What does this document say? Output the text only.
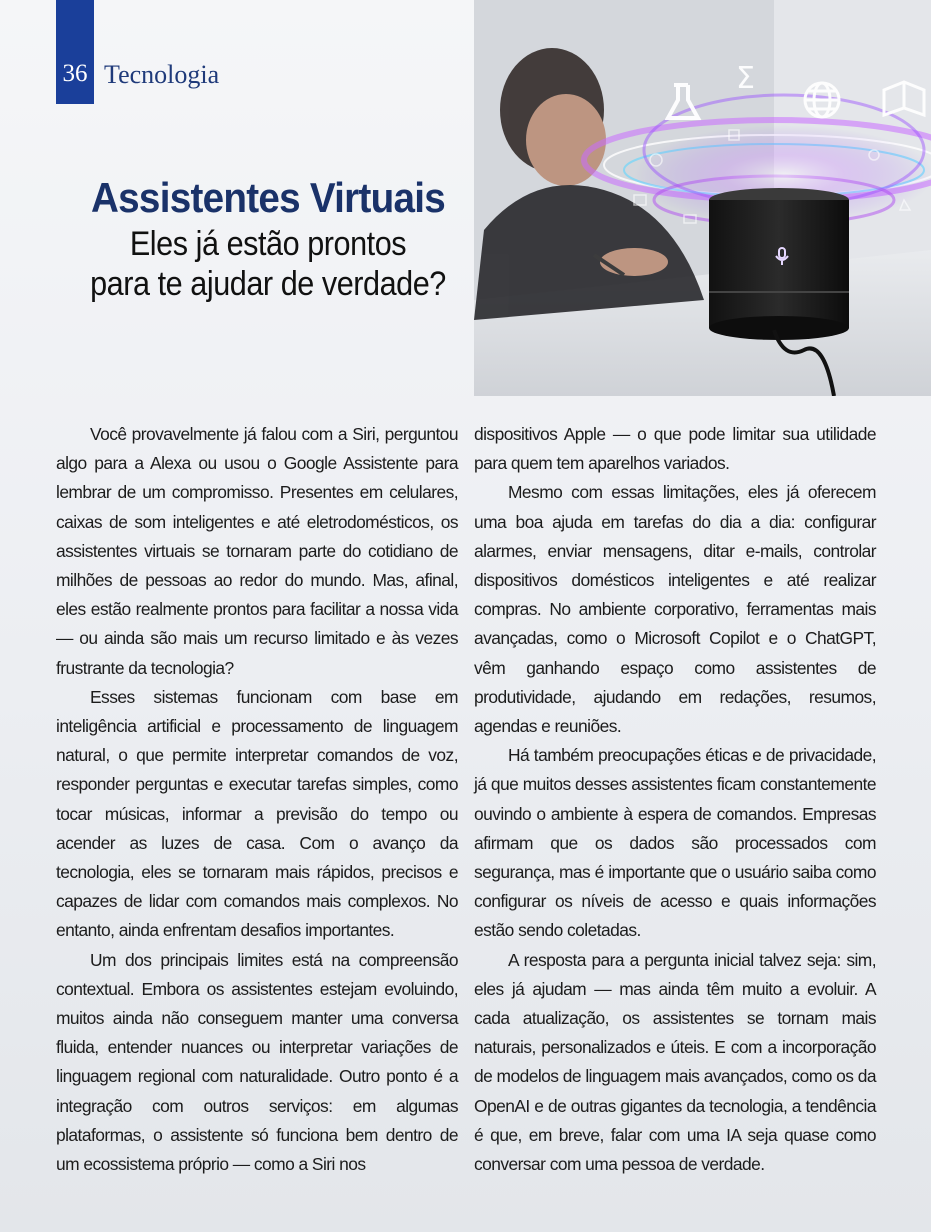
36 Tecnologia
Assistentes Virtuais
Eles já estão prontos
para te ajudar de verdade?
Σ

Você provavelmente já falou com a Siri, perguntou algo para a Alexa ou usou o Google Assistente para lembrar de um compromisso. Presentes em celulares, caixas de som inteligentes e até eletrodomésticos, os assistentes virtuais se tornaram parte do cotidiano de milhões de pessoas ao redor do mundo. Mas, afinal, eles estão realmente prontos para facilitar a nossa vida — ou ainda são mais um recurso limitado e às vezes frustrante da tecnologia?

Esses sistemas funcionam com base em inteligência artificial e processamento de linguagem natural, o que permite interpretar comandos de voz, responder perguntas e executar tarefas simples, como tocar músicas, informar a previsão do tempo ou acender as luzes de casa. Com o avanço da tecnologia, eles se tornaram mais rápidos, precisos e capazes de lidar com comandos mais complexos. No entanto, ainda enfrentam desafios importantes.

Um dos principais limites está na compreensão contextual. Embora os assistentes estejam evoluindo, muitos ainda não conseguem manter uma conversa fluida, entender nuances ou interpretar variações de linguagem regional com naturalidade. Outro ponto é a integração com outros serviços: em algumas plataformas, o assistente só funciona bem dentro de um ecossistema próprio — como a Siri nos

dispositivos Apple — o que pode limitar sua utilidade para quem tem aparelhos variados.

Mesmo com essas limitações, eles já oferecem uma boa ajuda em tarefas do dia a dia: configurar alarmes, enviar mensagens, ditar e-mails, controlar dispositivos domésticos inteligentes e até realizar compras. No ambiente corporativo, ferramentas mais avançadas, como o Microsoft Copilot e o ChatGPT, vêm ganhando espaço como assistentes de produtividade, ajudando em redações, resumos, agendas e reuniões.

Há também preocupações éticas e de privacidade, já que muitos desses assistentes ficam constantemente ouvindo o ambiente à espera de comandos. Empresas afirmam que os dados são processados com segurança, mas é importante que o usuário saiba como configurar os níveis de acesso e quais informações estão sendo coletadas.

A resposta para a pergunta inicial talvez seja: sim, eles já ajudam — mas ainda têm muito a evoluir. A cada atualização, os assistentes se tornam mais naturais, personalizados e úteis. E com a incorporação de modelos de linguagem mais avançados, como os da OpenAI e de outras gigantes da tecnologia, a tendência é que, em breve, falar com uma IA seja quase como conversar com uma pessoa de verdade.
